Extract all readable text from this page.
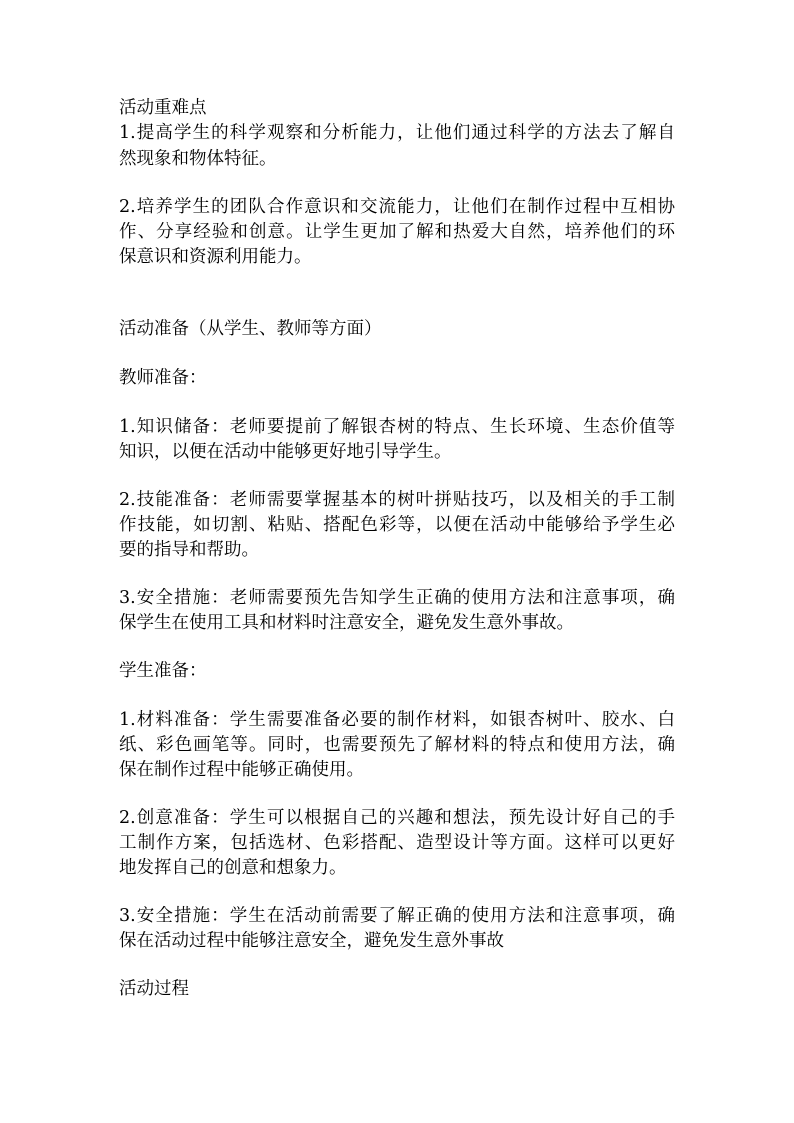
活动重难点
1.提高学生的科学观察和分析能力，让他们通过科学的方法去了解自
然现象和物体特征。
2.培养学生的团队合作意识和交流能力，让他们在制作过程中互相协
作、分享经验和创意。让学生更加了解和热爱大自然，培养他们的环
保意识和资源利用能力。
活动准备（从学生、教师等方面）
教师准备：
1.知识储备：老师要提前了解银杏树的特点、生长环境、生态价值等
知识，以便在活动中能够更好地引导学生。
2.技能准备：老师需要掌握基本的树叶拼贴技巧，以及相关的手工制
作技能，如切割、粘贴、搭配色彩等，以便在活动中能够给予学生必
要的指导和帮助。
3.安全措施：老师需要预先告知学生正确的使用方法和注意事项，确
保学生在使用工具和材料时注意安全，避免发生意外事故。
学生准备：
1.材料准备：学生需要准备必要的制作材料，如银杏树叶、胶水、白
纸、彩色画笔等。同时，也需要预先了解材料的特点和使用方法，确
保在制作过程中能够正确使用。
2.创意准备：学生可以根据自己的兴趣和想法，预先设计好自己的手
工制作方案，包括选材、色彩搭配、造型设计等方面。这样可以更好
地发挥自己的创意和想象力。
3.安全措施：学生在活动前需要了解正确的使用方法和注意事项，确
保在活动过程中能够注意安全，避免发生意外事故
活动过程
